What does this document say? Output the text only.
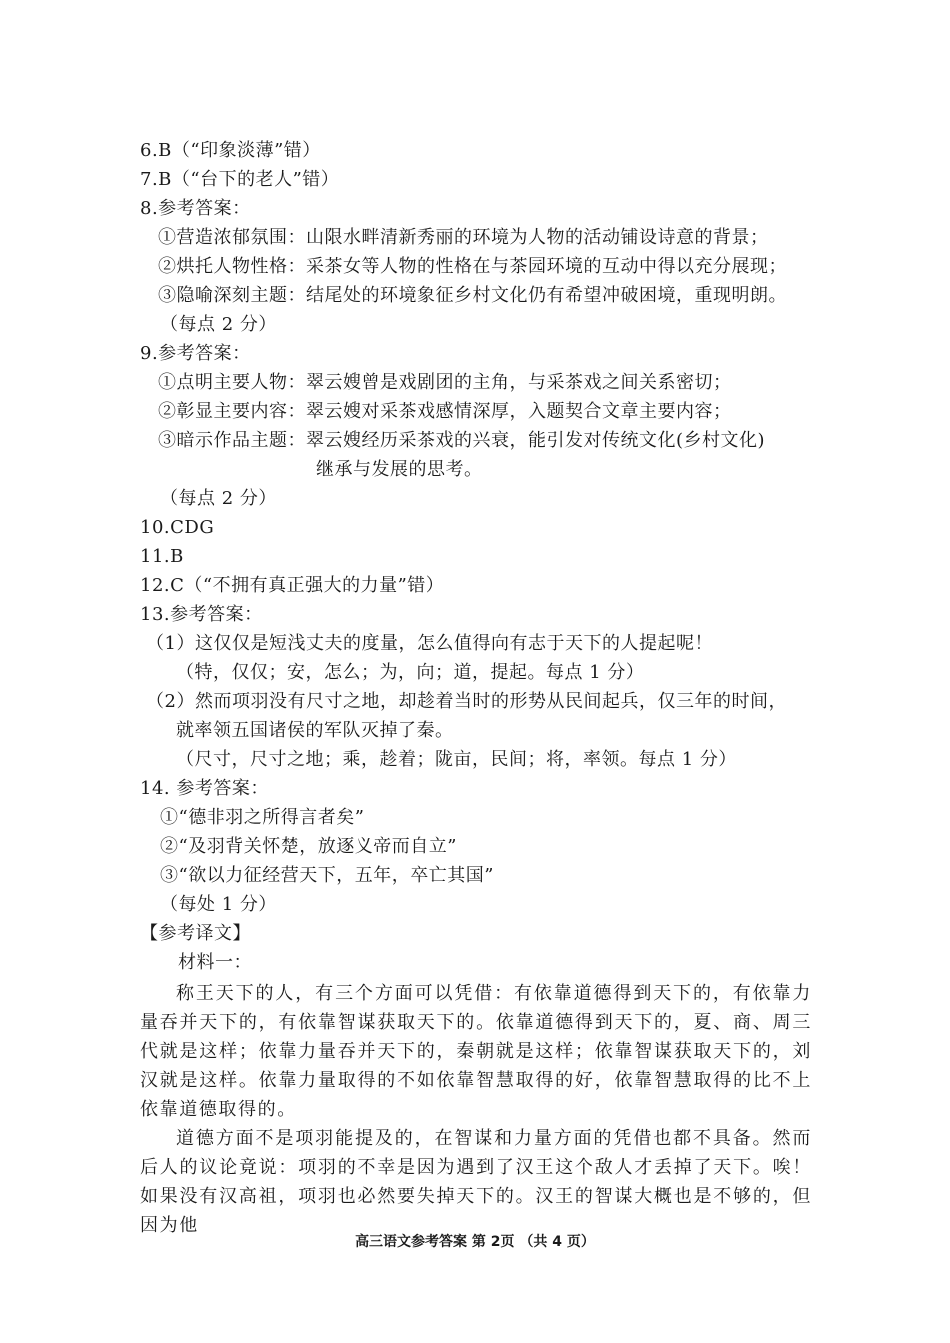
6.B（“印象淡薄”错）
7.B（“台下的老人”错）
8.参考答案：
①营造浓郁氛围：山限水畔清新秀丽的环境为人物的活动铺设诗意的背景；
②烘托人物性格：采茶女等人物的性格在与茶园环境的互动中得以充分展现；
③隐喻深刻主题：结尾处的环境象征乡村文化仍有希望冲破困境，重现明朗。
（每点 2 分）
9.参考答案：
①点明主要人物：翠云嫂曾是戏剧团的主角，与采茶戏之间关系密切；
②彰显主要内容：翠云嫂对采茶戏感情深厚，入题契合文章主要内容；
③暗示作品主题：翠云嫂经历采茶戏的兴衰，能引发对传统文化(乡村文化)
继承与发展的思考。
（每点 2 分）
10.CDG
11.B
12.C（“不拥有真正强大的力量”错）
13.参考答案：
（1）这仅仅是短浅丈夫的度量，怎么值得向有志于天下的人提起呢！
（特，仅仅；安，怎么；为，向；道，提起。每点 1 分）
（2）然而项羽没有尺寸之地，却趁着当时的形势从民间起兵，仅三年的时间，
就率领五国诸侯的军队灭掉了秦。
（尺寸，尺寸之地；乘，趁着；陇亩，民间；将，率领。每点 1 分）
14. 参考答案：
①“德非羽之所得言者矣”
②“及羽背关怀楚，放逐义帝而自立”
③“欲以力征经营天下，五年，卒亡其国”
（每处 1 分）
【参考译文】
材料一：
称王天下的人，有三个方面可以凭借：有依靠道德得到天下的，有依靠力量吞并天下的，有依靠智谋获取天下的。依靠道德得到天下的，夏、商、周三代就是这样；依靠力量吞并天下的，秦朝就是这样；依靠智谋获取天下的，刘汉就是这样。依靠力量取得的不如依靠智慧取得的好，依靠智慧取得的比不上依靠道德取得的。
道德方面不是项羽能提及的，在智谋和力量方面的凭借也都不具备。然而后人的议论竟说：项羽的不幸是因为遇到了汉王这个敌人才丢掉了天下。唉！如果没有汉高祖，项羽也必然要失掉天下的。汉王的智谋大概也是不够的，但因为他
高三语文参考答案 第 2页 （共 4 页）
